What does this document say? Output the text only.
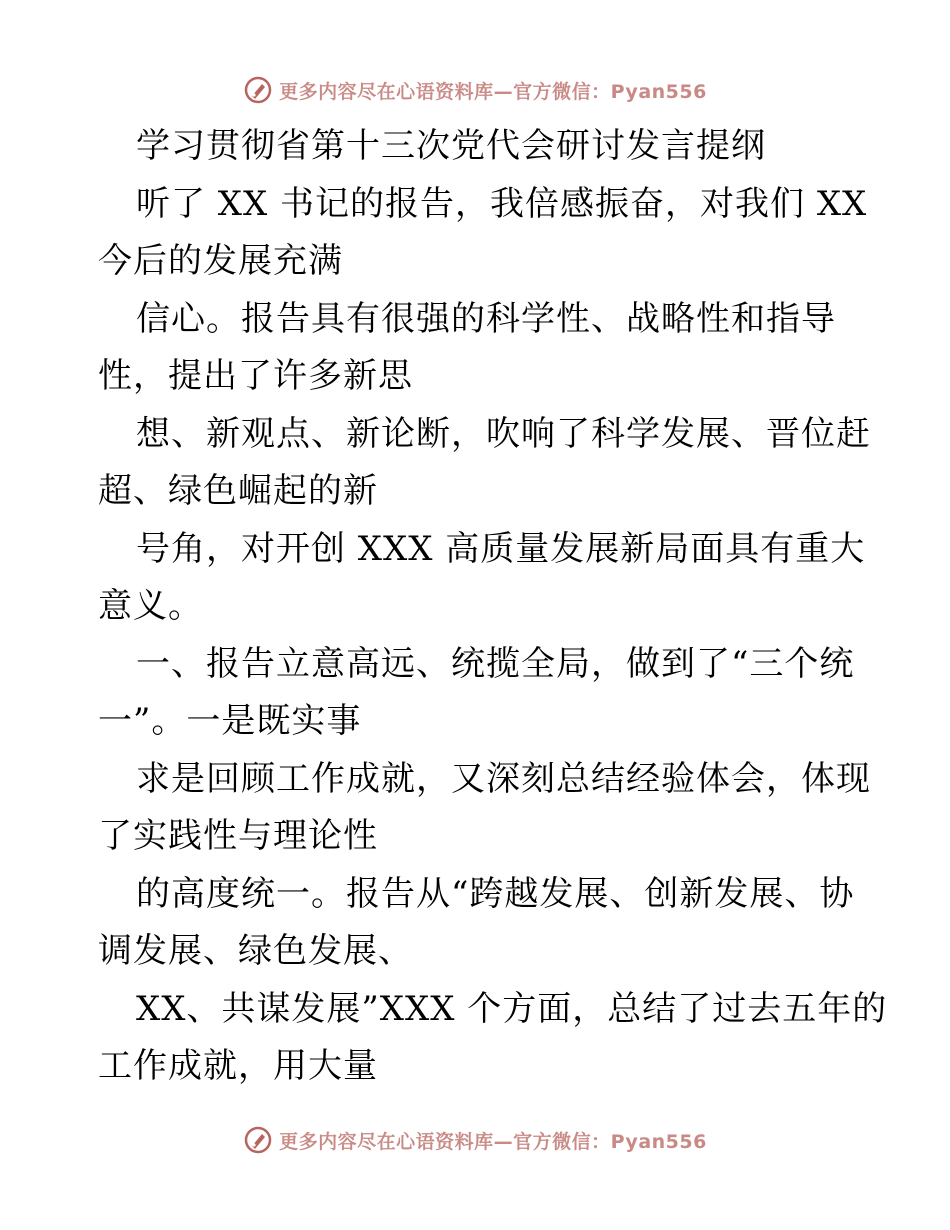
更多内容尽在心语资料库—官方微信：Pyan556
学习贯彻省第十三次党代会研讨发言提纲
听了 XX 书记的报告，我倍感振奋，对我们 XX
今后的发展充满
信心。报告具有很强的科学性、战略性和指导
性，提出了许多新思
想、新观点、新论断，吹响了科学发展、晋位赶
超、绿色崛起的新
号角，对开创 XXX 高质量发展新局面具有重大
意义。
一、报告立意高远、统揽全局，做到了“三个统
一”。一是既实事
求是回顾工作成就，又深刻总结经验体会，体现
了实践性与理论性
的高度统一。报告从“跨越发展、创新发展、协
调发展、绿色发展、
XX、共谋发展”XXX 个方面，总结了过去五年的
工作成就，用大量
更多内容尽在心语资料库—官方微信：Pyan556
